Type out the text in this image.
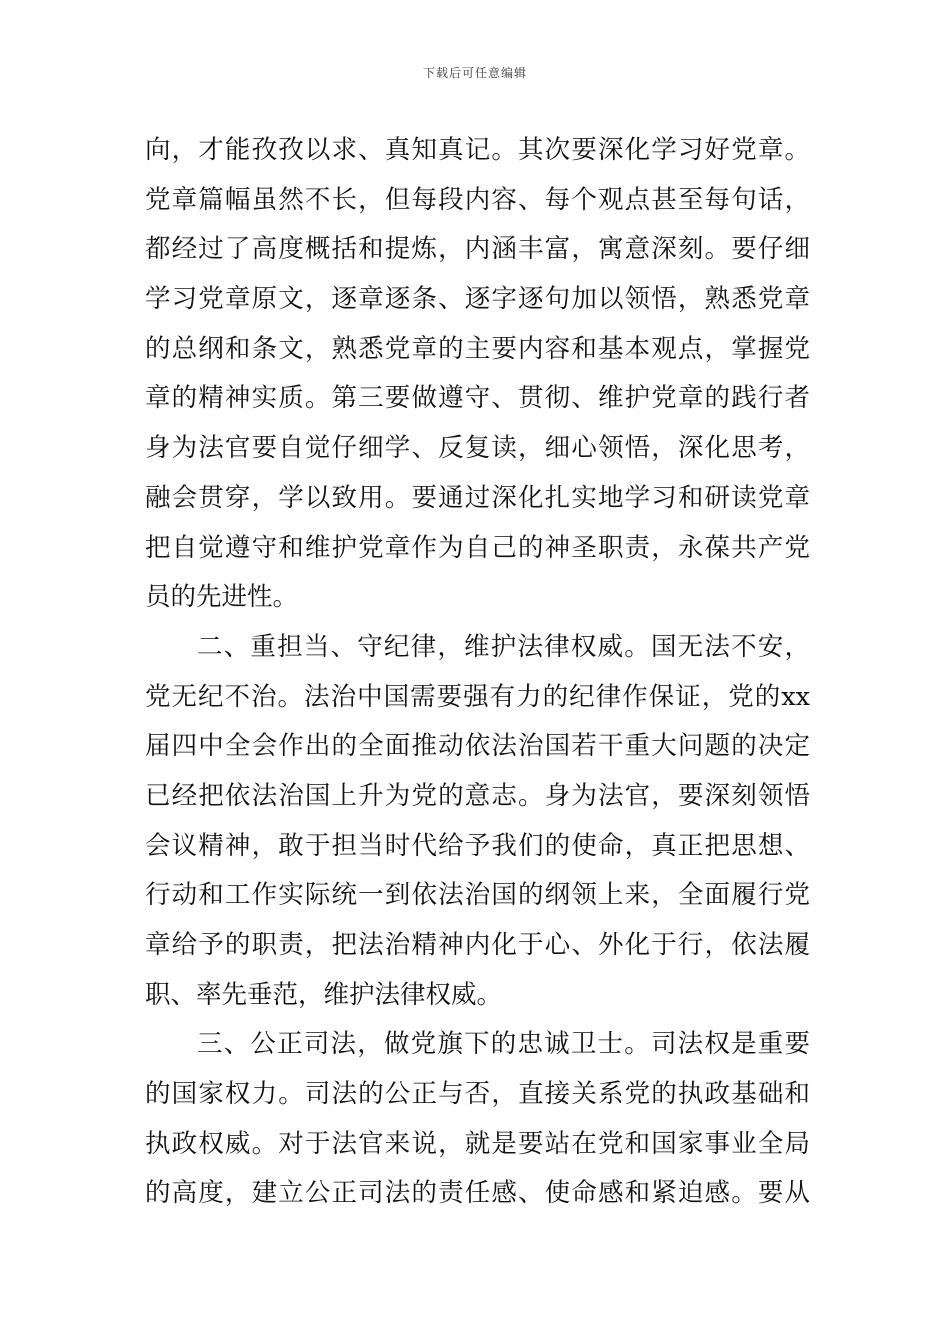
下载后可任意编辑
向，才能孜孜以求、真知真记。其次要深化学习好党章。
党章篇幅虽然不长，但每段内容、每个观点甚至每句话，
都经过了高度概括和提炼，内涵丰富，寓意深刻。要仔细
学习党章原文，逐章逐条、逐字逐句加以领悟，熟悉党章
的总纲和条文，熟悉党章的主要内容和基本观点，掌握党
章的精神实质。第三要做遵守、贯彻、维护党章的践行者
身为法官要自觉仔细学、反复读，细心领悟，深化思考，
融会贯穿，学以致用。要通过深化扎实地学习和研读党章
把自觉遵守和维护党章作为自己的神圣职责，永葆共产党
员的先进性。
二、重担当、守纪律，维护法律权威。国无法不安，
党无纪不治。法治中国需要强有力的纪律作保证，党的xx
届四中全会作出的全面推动依法治国若干重大问题的决定
已经把依法治国上升为党的意志。身为法官，要深刻领悟
会议精神，敢于担当时代给予我们的使命，真正把思想、
行动和工作实际统一到依法治国的纲领上来，全面履行党
章给予的职责，把法治精神内化于心、外化于行，依法履
职、率先垂范，维护法律权威。
三、公正司法，做党旗下的忠诚卫士。司法权是重要
的国家权力。司法的公正与否，直接关系党的执政基础和
执政权威。对于法官来说，就是要站在党和国家事业全局
的高度，建立公正司法的责任感、使命感和紧迫感。要从
